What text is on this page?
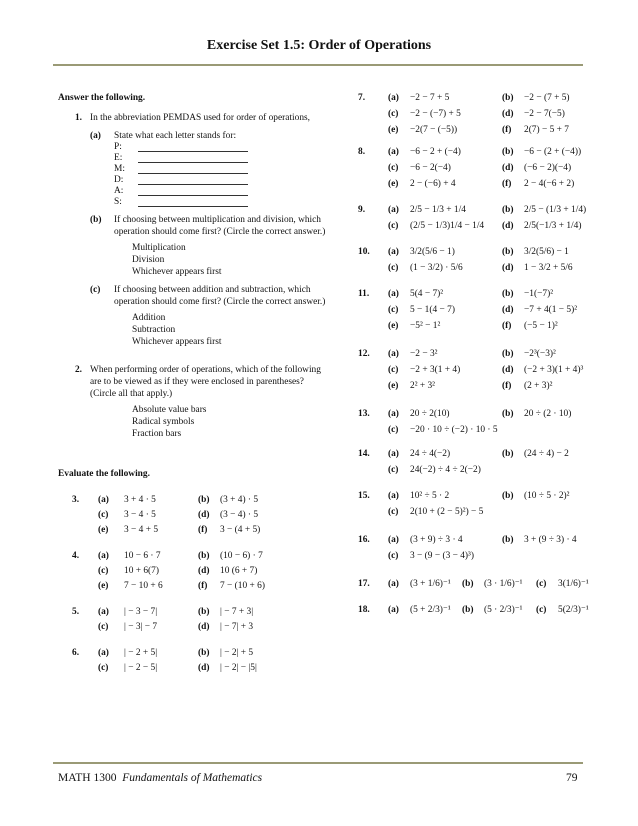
Exercise Set 1.5: Order of Operations
Answer the following.
1. In the abbreviation PEMDAS used for order of operations,
(a)	State what each letter stands for:
P:
E:
M:
D:
A:
S:
(b)	If choosing between multiplication and division, which operation should come first? (Circle the correct answer.)
Multiplication
Division
Whichever appears first
(c)	If choosing between addition and subtraction, which operation should come first? (Circle the correct answer.)
Addition
Subtraction
Whichever appears first
2. When performing order of operations, which of the following are to be viewed as if they were enclosed in parentheses? (Circle all that apply.)
Absolute value bars
Radical symbols
Fraction bars
Evaluate the following.
3.	(a)	3 + 4 · 5	(b)	(3 + 4) · 5
(c)	3 − 4 · 5	(d)	(3 − 4) · 5
(e)	3 − 4 + 5	(f)	3 − (4 + 5)
4.	(a)	10 − 6 · 7	(b)	(10 − 6) · 7
(c)	10 + 6(7)	(d)	10 (6 + 7)
(e)	7 − 10 + 6	(f)	7 − (10 + 6)
5.	(a)	| − 3 − 7|	(b)	| − 7 + 3|
(c)	| − 3| − 7	(d)	| − 7| + 3
6.	(a)	| − 2 + 5|	(b)	| − 2| + 5
(c)	| − 2 − 5|	(d)	| − 2| − |5|
7.	(a)	−2 − 7 + 5	(b)	−2 − (7 + 5)
(c)	−2 − (−7) + 5	(d)	−2 − 7(−5)
(e)	−2(7 − (−5))	(f)	2(7) − 5 + 7
8.	(a)	−6 − 2 + (−4)	(b)	−6 − (2 + (−4))
(c)	−6 − 2(−4)	(d)	(−6 − 2)(−4)
(e)	2 − (−6) + 4	(f)	2 − 4(−6 + 2)
9.	(a)	2/5 − 1/3 + 1/4	(b)	2/5 − (1/3 + 1/4)
(c)	(2/5 − 1/3)1/4 − 1/4	(d)	2/5(−1/3 + 1/4)
10.	(a)	3/2(5/6 − 1)	(b)	3/2(5/6) − 1
(c)	(1 − 3/2) · 5/6	(d)	1 − 3/2 + 5/6
11.	(a)	5(4 − 7)²	(b)	−1(−7)²
(c)	5 − 1(4 − 7)	(d)	−7 + 4(1 − 5)²
(e)	−5² − 1²	(f)	(−5 − 1)²
12.	(a)	−2 − 3²	(b)	−2³(−3)²
(c)	−2 + 3(1 + 4)	(d)	(−2 + 3)(1 + 4)³
(e)	2² + 3²	(f)	(2 + 3)²
13.	(a)	20 ÷ 2(10)	(b)	20 ÷ (2 · 10)
(c)	−20 · 10 ÷ (−2) · 10 · 5
14.	(a)	24 ÷ 4(−2)	(b)	(24 ÷ 4) − 2
(c)	24(−2) ÷ 4 ÷ 2(−2)
15.	(a)	10² ÷ 5 · 2	(b)	(10 ÷ 5 · 2)²
(c)	2(10 + (2 − 5)²) − 5
16.	(a)	(3 + 9) ÷ 3 · 4	(b)	3 + (9 ÷ 3) · 4
(c)	3 − (9 − (3 − 4)³)
17.	(a)	(3 + 1/6)⁻¹	(b)	(3 · 1/6)⁻¹	(c)	3(1/6)⁻¹
18.	(a)	(5 + 2/3)⁻¹	(b)	(5 · 2/3)⁻¹	(c)	5(2/3)⁻¹
MATH 1300 Fundamentals of Mathematics	79
